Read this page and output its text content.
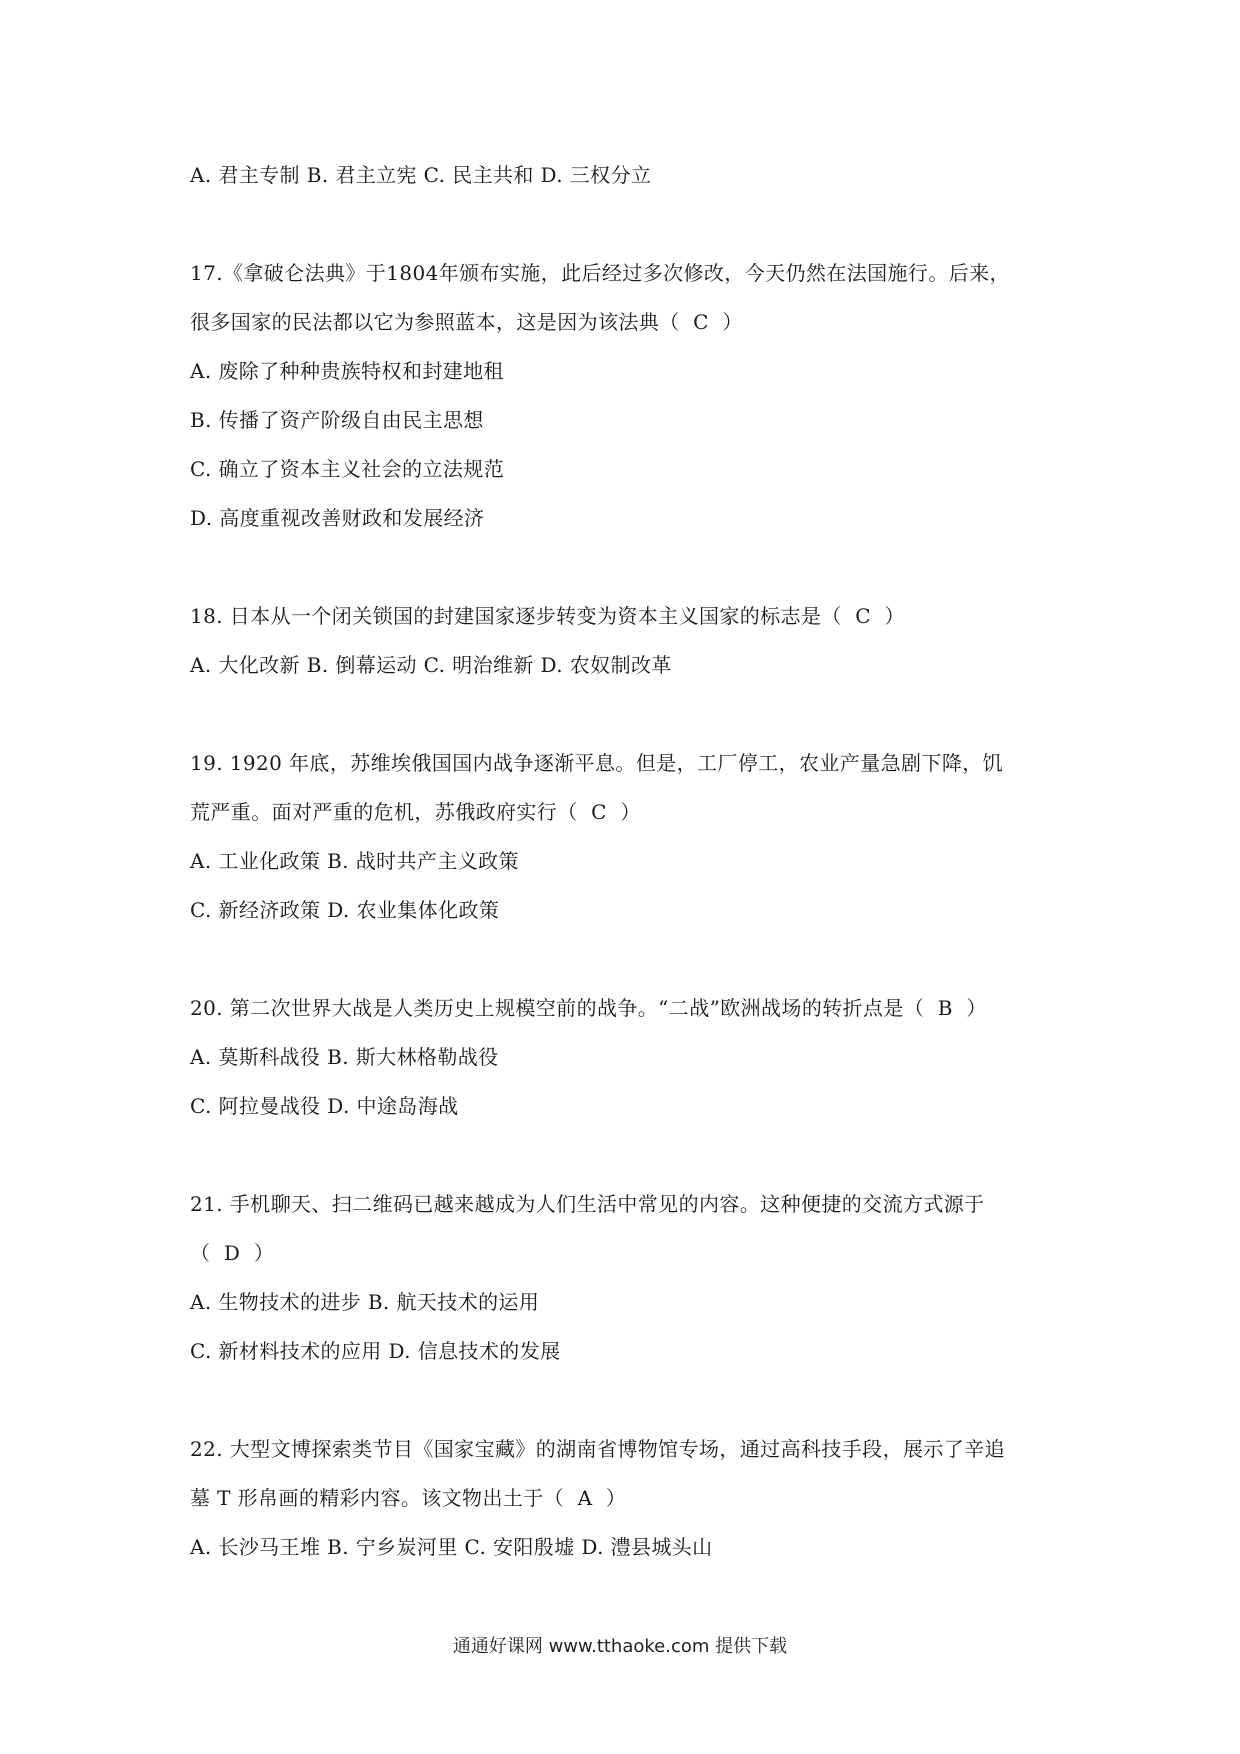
A. 君主专制 B. 君主立宪 C. 民主共和 D. 三权分立
17.《拿破仑法典》于1804年颁布实施，此后经过多次修改，今天仍然在法国施行。后来，
很多国家的民法都以它为参照蓝本，这是因为该法典（  C  ）
A. 废除了种种贵族特权和封建地租
B. 传播了资产阶级自由民主思想
C. 确立了资本主义社会的立法规范
D. 高度重视改善财政和发展经济
18. 日本从一个闭关锁国的封建国家逐步转变为资本主义国家的标志是（  C  ）
A. 大化改新 B. 倒幕运动 C. 明治维新 D. 农奴制改革
19. 1920 年底，苏维埃俄国国内战争逐渐平息。但是，工厂停工，农业产量急剧下降，饥
荒严重。面对严重的危机，苏俄政府实行（  C  ）
A. 工业化政策 B. 战时共产主义政策
C. 新经济政策 D. 农业集体化政策
20. 第二次世界大战是人类历史上规模空前的战争。“二战”欧洲战场的转折点是（  B  ）
A. 莫斯科战役 B. 斯大林格勒战役
C. 阿拉曼战役 D. 中途岛海战
21. 手机聊天、扫二维码已越来越成为人们生活中常见的内容。这种便捷的交流方式源于
（  D  ）
A. 生物技术的进步 B. 航天技术的运用
C. 新材料技术的应用 D. 信息技术的发展
22. 大型文博探索类节目《国家宝藏》的湖南省博物馆专场，通过高科技手段，展示了辛追
墓 T 形帛画的精彩内容。该文物出土于（  A  ）
A. 长沙马王堆 B. 宁乡炭河里 C. 安阳殷墟 D. 澧县城头山
通通好课网 www.tthaoke.com 提供下载
